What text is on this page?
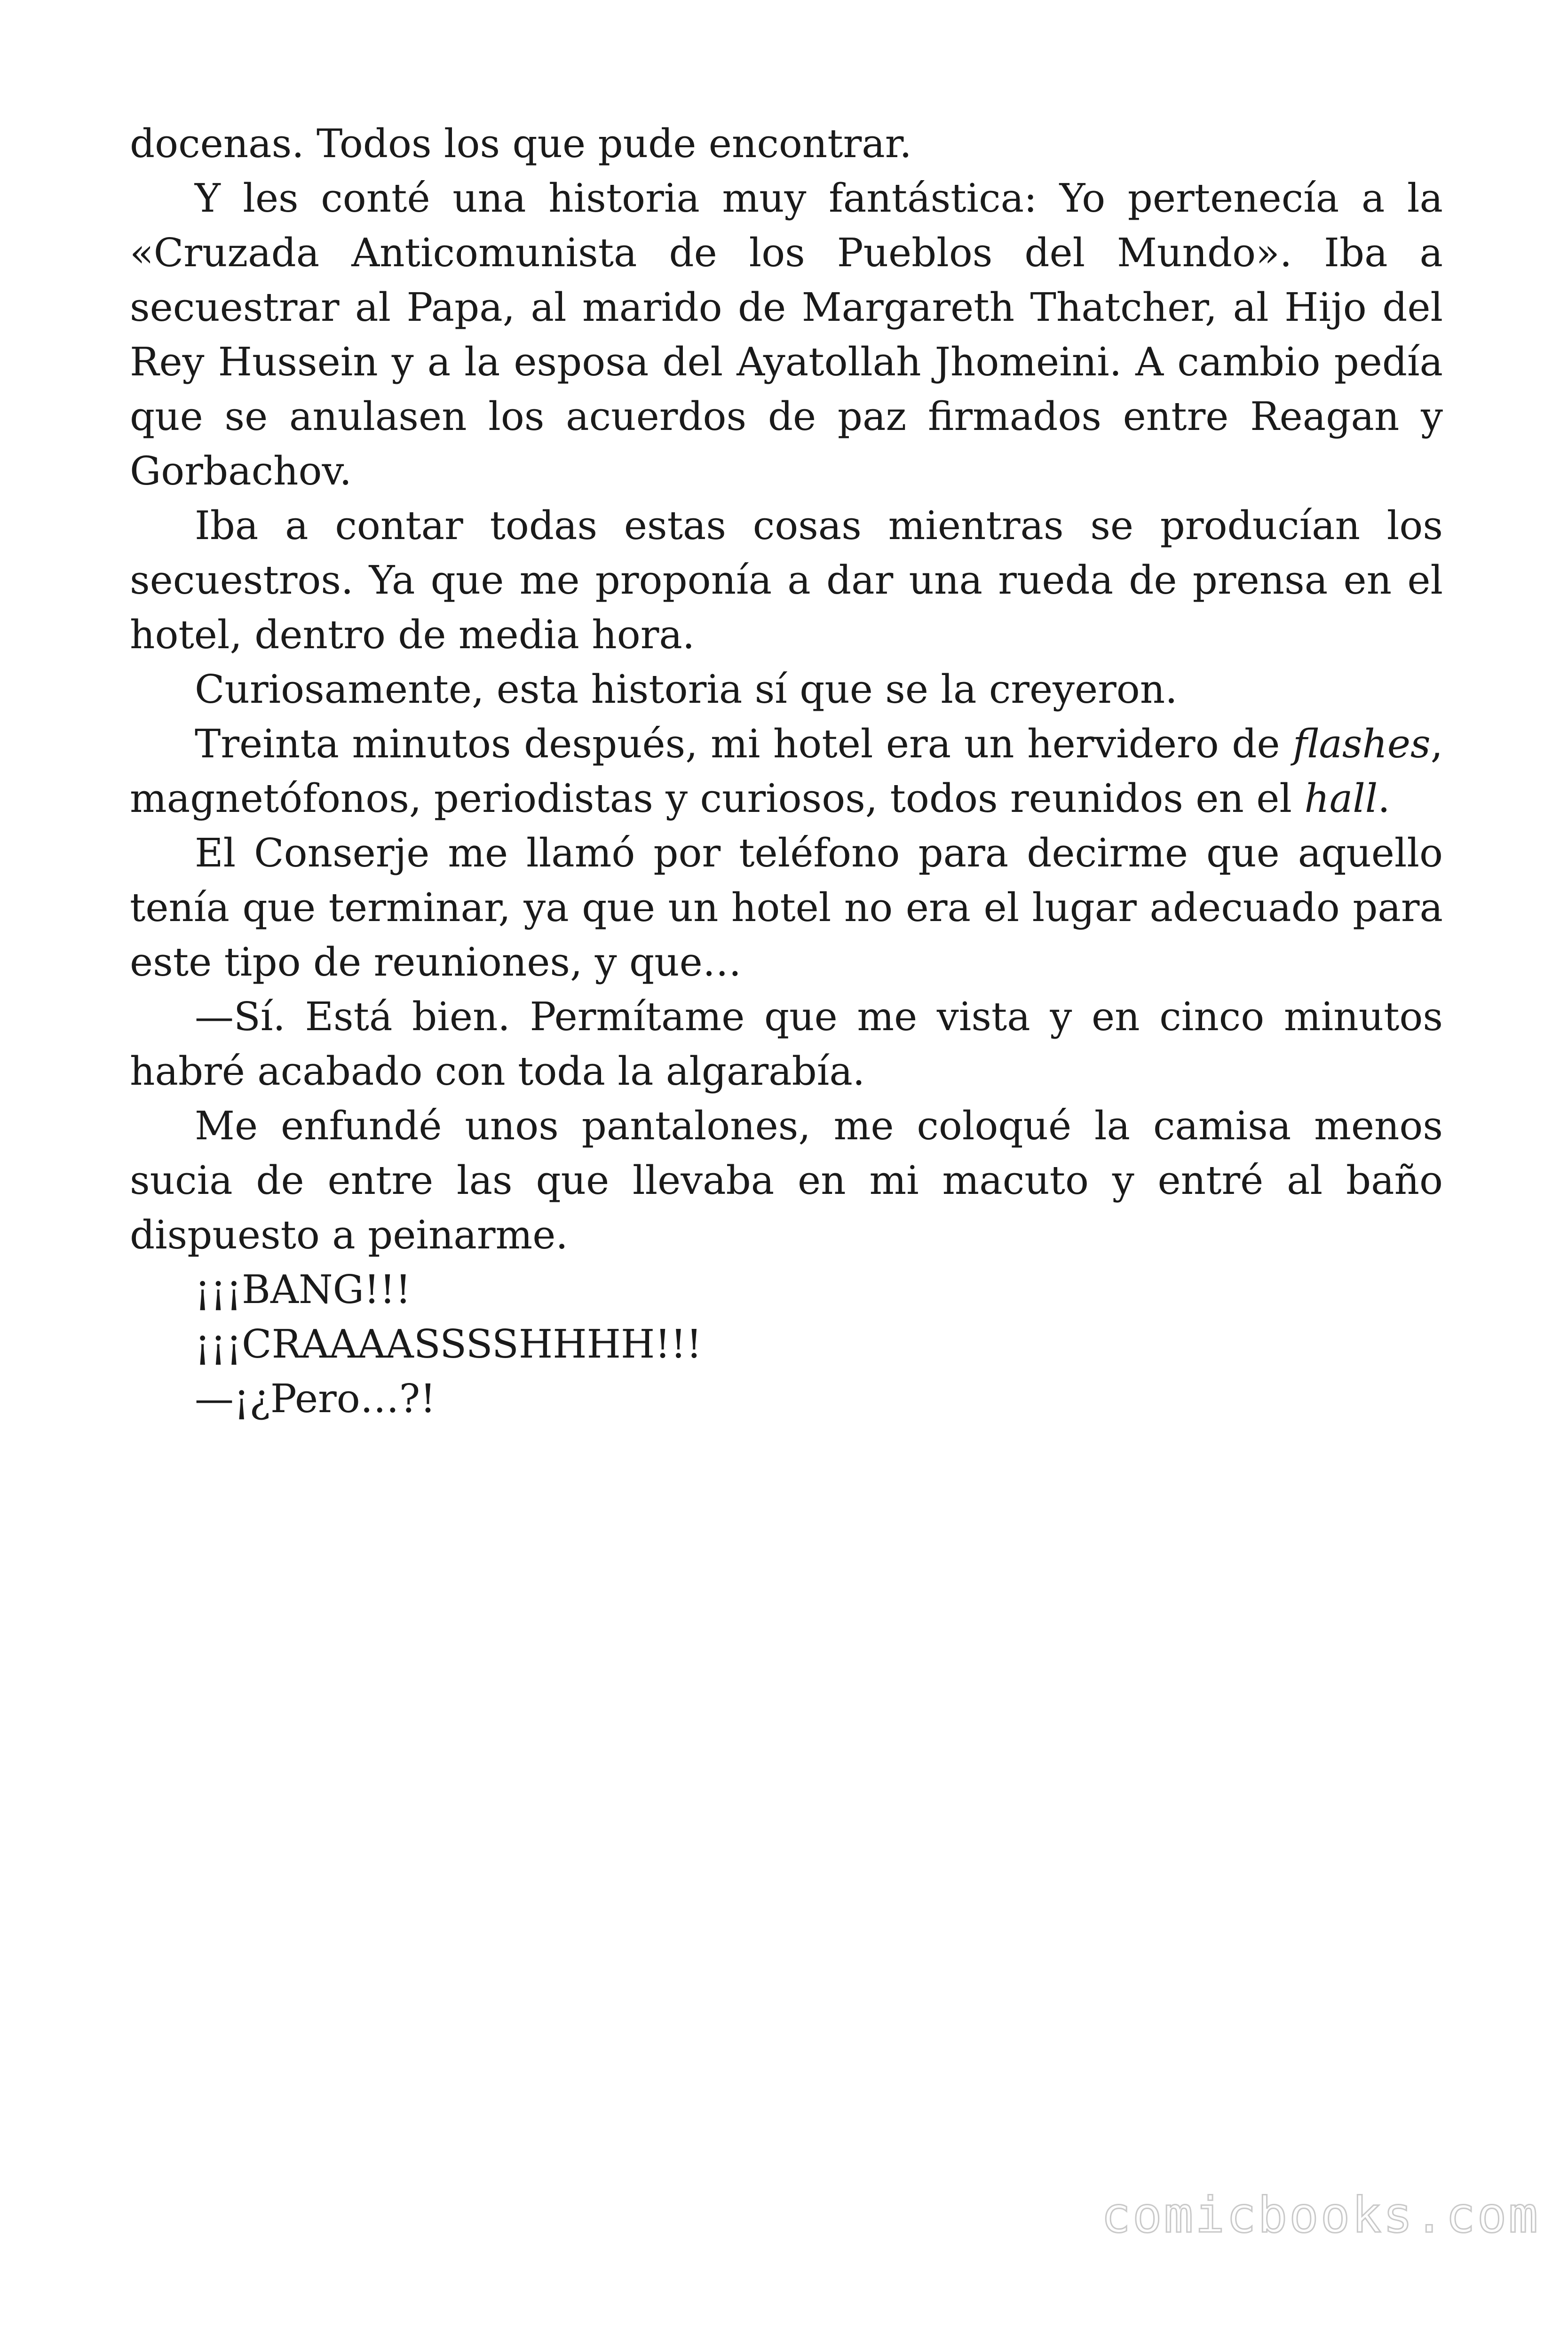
docenas. Todos los que pude encontrar.

Y les conté una historia muy fantástica: Yo pertenecía a la «Cruzada Anticomunista de los Pueblos del Mundo». Iba a secuestrar al Papa, al marido de Margareth Thatcher, al Hijo del Rey Hussein y a la esposa del Ayatollah Jhomeini. A cambio pedía que se anulasen los acuerdos de paz firmados entre Reagan y Gorbachov.

Iba a contar todas estas cosas mientras se producían los secuestros. Ya que me proponía a dar una rueda de prensa en el hotel, dentro de media hora.

Curiosamente, esta historia sí que se la creyeron.

Treinta minutos después, mi hotel era un hervidero de flashes, magnetófonos, periodistas y curiosos, todos reunidos en el hall.

El Conserje me llamó por teléfono para decirme que aquello tenía que terminar, ya que un hotel no era el lugar adecuado para este tipo de reuniones, y que…

—Sí. Está bien. Permítame que me vista y en cinco minutos habré acabado con toda la algarabía.

Me enfundé unos pantalones, me coloqué la camisa menos sucia de entre las que llevaba en mi macuto y entré al baño dispuesto a peinarme.

¡¡¡BANG!!!

¡¡¡CRAAAASSSSHHHH!!!

—¡¿Pero…?!

comicbooks.com
